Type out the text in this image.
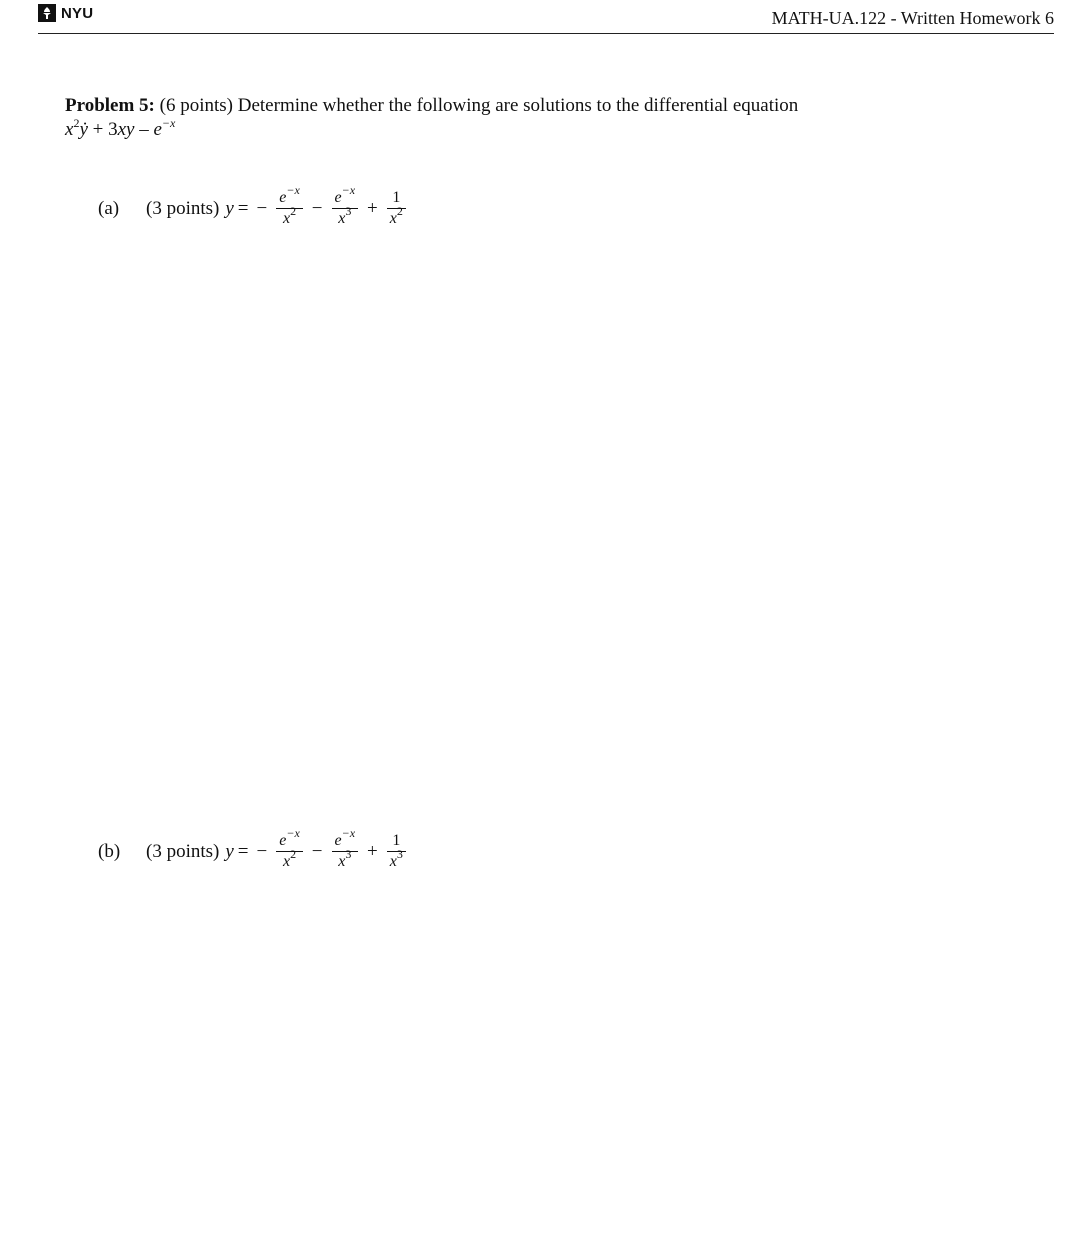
NYU	MATH-UA.122 - Written Homework 6
Problem 5: (6 points) Determine whether the following are solutions to the differential equation
$x^2ẏ + 3xy - e^{-x}$
(a)	(3 points) y = − $\frac{e^{-x}}{x^2} - \frac{e^{-x}}{x^3} + \frac{1}{x^2}$
(b)	(3 points) y = − $\frac{e^{-x}}{x^2} - \frac{e^{-x}}{x^3} + \frac{1}{x^3}$
